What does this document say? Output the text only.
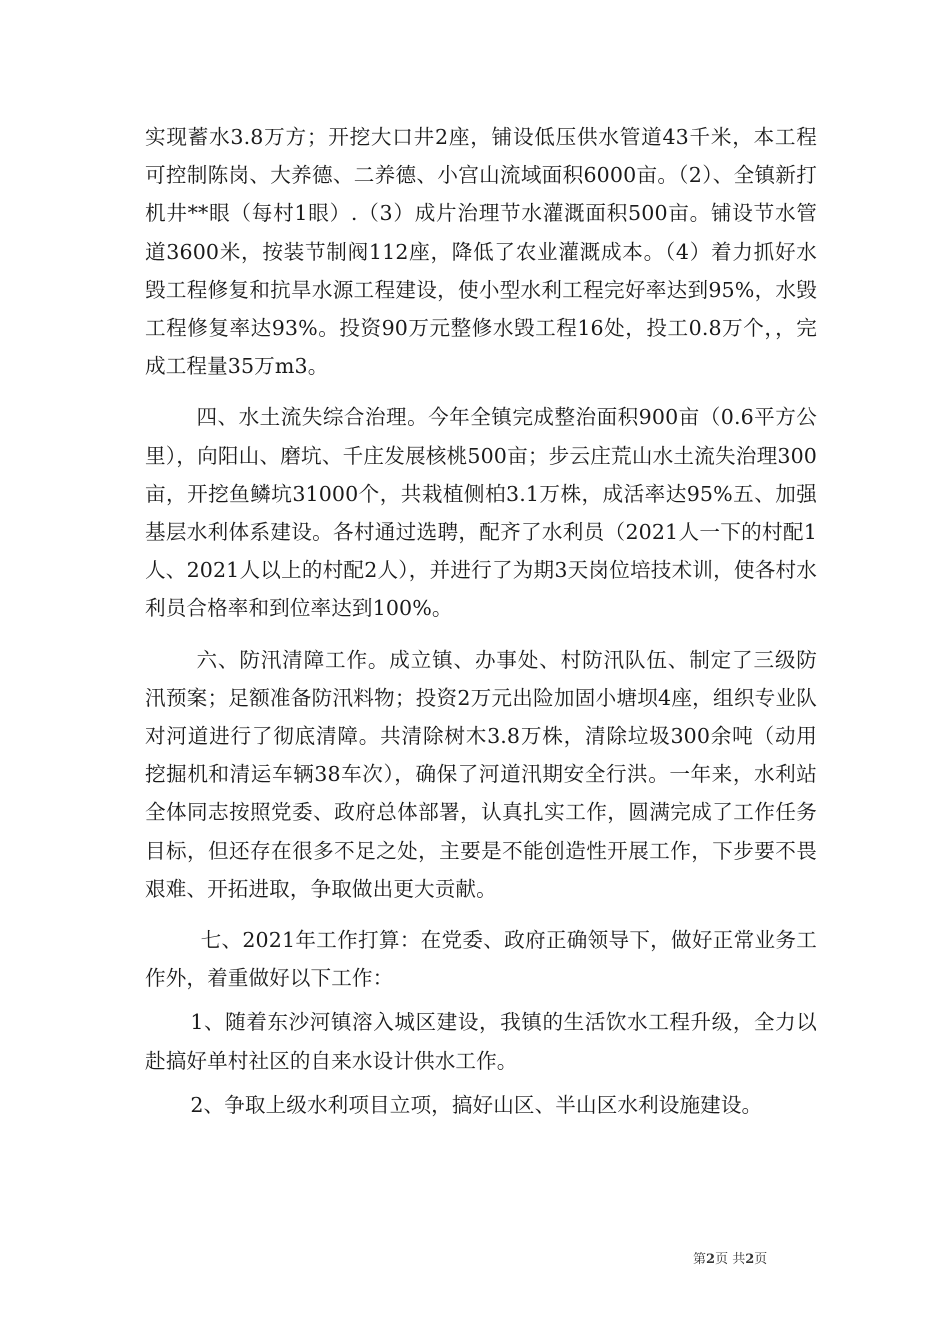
实现蓄水3.8万方；开挖大口井2座，铺设低压供水管道43千米，本工程可控制陈岗、大养德、二养德、小宫山流域面积6000亩。（2）、全镇新打机井**眼（每村1眼）.（3）成片治理节水灌溉面积500亩。铺设节水管道3600米，按装节制阀112座，降低了农业灌溉成本。（4）着力抓好水毁工程修复和抗旱水源工程建设，使小型水利工程完好率达到95%，水毁工程修复率达93%。投资90万元整修水毁工程16处，投工0.8万个，，完成工程量35万m3。

四、水土流失综合治理。今年全镇完成整治面积900亩（0.6平方公里），向阳山、磨坑、千庄发展核桃500亩；步云庄荒山水土流失治理300亩，开挖鱼鳞坑31000个，共栽植侧柏3.1万株，成活率达95%五、加强基层水利体系建设。各村通过选聘，配齐了水利员（2021人一下的村配1人、2021人以上的村配2人），并进行了为期3天岗位培技术训，使各村水利员合格率和到位率达到100%。

六、防汛清障工作。成立镇、办事处、村防汛队伍、制定了三级防汛预案；足额准备防汛料物；投资2万元出险加固小塘坝4座，组织专业队对河道进行了彻底清障。共清除树木3.8万株，清除垃圾300余吨（动用挖掘机和清运车辆38车次），确保了河道汛期安全行洪。一年来，水利站全体同志按照党委、政府总体部署，认真扎实工作，圆满完成了工作任务目标，但还存在很多不足之处，主要是不能创造性开展工作，下步要不畏艰难、开拓进取，争取做出更大贡献。

七、2021年工作打算：在党委、政府正确领导下，做好正常业务工作外，着重做好以下工作：

1、随着东沙河镇溶入城区建设，我镇的生活饮水工程升级，全力以赴搞好单村社区的自来水设计供水工作。

2、争取上级水利项目立项，搞好山区、半山区水利设施建设。

第2页 共2页
